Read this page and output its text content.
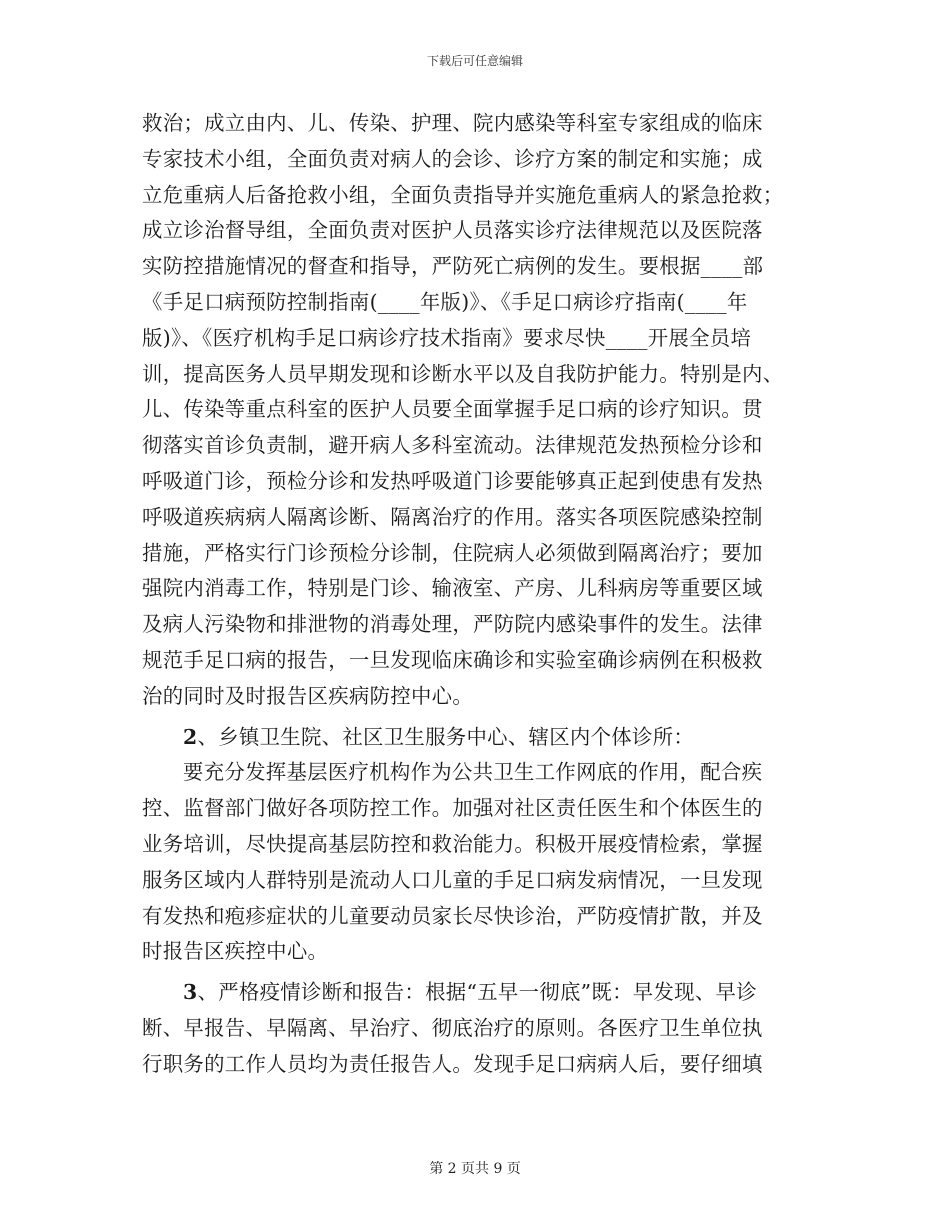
下载后可任意编辑
救治；成立由内、儿、传染、护理、院内感染等科室专家组成的临床
专家技术小组，全面负责对病人的会诊、诊疗方案的制定和实施；成
立危重病人后备抢救小组，全面负责指导并实施危重病人的紧急抢救；
成立诊治督导组，全面负责对医护人员落实诊疗法律规范以及医院落
实防控措施情况的督查和指导，严防死亡病例的发生。要根据____部
《手足口病预防控制指南(____年版)》、《手足口病诊疗指南(____年
版)》、《医疗机构手足口病诊疗技术指南》要求尽快____开展全员培
训，提高医务人员早期发现和诊断水平以及自我防护能力。特别是内、
儿、传染等重点科室的医护人员要全面掌握手足口病的诊疗知识。贯
彻落实首诊负责制，避开病人多科室流动。法律规范发热预检分诊和
呼吸道门诊，预检分诊和发热呼吸道门诊要能够真正起到使患有发热
呼吸道疾病病人隔离诊断、隔离治疗的作用。落实各项医院感染控制
措施，严格实行门诊预检分诊制，住院病人必须做到隔离治疗；要加
强院内消毒工作，特别是门诊、输液室、产房、儿科病房等重要区域
及病人污染物和排泄物的消毒处理，严防院内感染事件的发生。法律
规范手足口病的报告，一旦发现临床确诊和实验室确诊病例在积极救
治的同时及时报告区疾病防控中心。
2、乡镇卫生院、社区卫生服务中心、辖区内个体诊所：
要充分发挥基层医疗机构作为公共卫生工作网底的作用，配合疾
控、监督部门做好各项防控工作。加强对社区责任医生和个体医生的
业务培训，尽快提高基层防控和救治能力。积极开展疫情检索，掌握
服务区域内人群特别是流动人口儿童的手足口病发病情况，一旦发现
有发热和疱疹症状的儿童要动员家长尽快诊治，严防疫情扩散，并及
时报告区疾控中心。
3、严格疫情诊断和报告：根据“五早一彻底”既：早发现、早诊
断、早报告、早隔离、早治疗、彻底治疗的原则。各医疗卫生单位执
行职务的工作人员均为责任报告人。发现手足口病病人后，要仔细填
第 2 页共 9 页
